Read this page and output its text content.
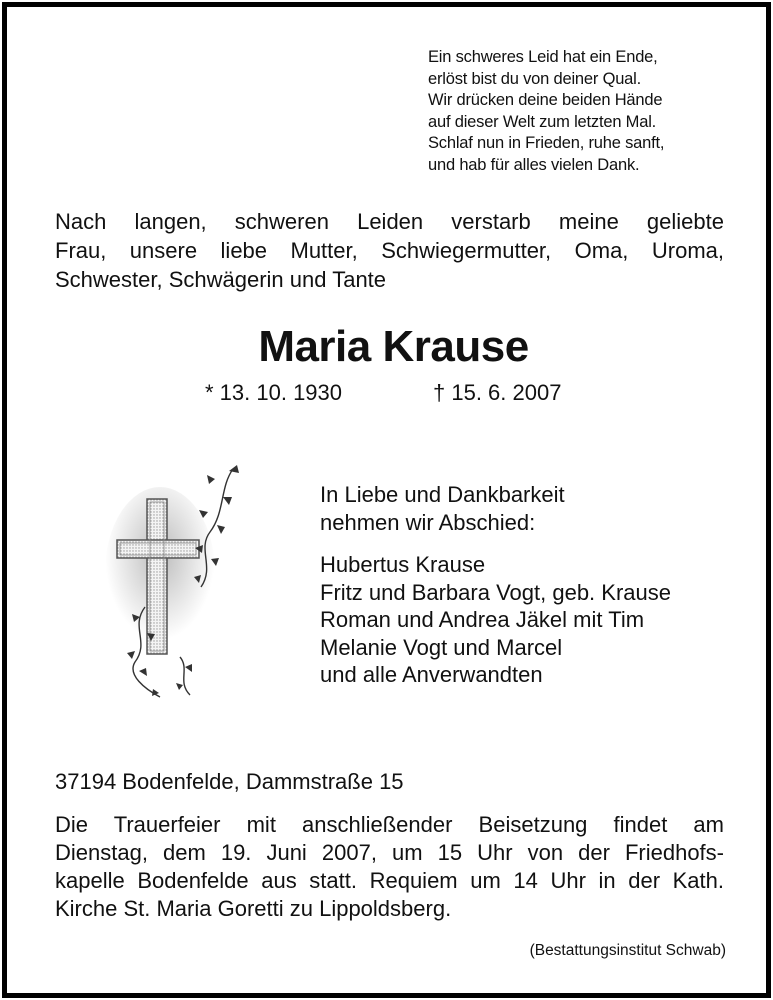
Ein schweres Leid hat ein Ende,
erlöst bist du von deiner Qual.
Wir drücken deine beiden Hände
auf dieser Welt zum letzten Mal.
Schlaf nun in Frieden, ruhe sanft,
und hab für alles vielen Dank.
Nach langen, schweren Leiden verstarb meine geliebte
Frau, unsere liebe Mutter, Schwiegermutter, Oma, Uroma,
Schwester, Schwägerin und Tante
Maria Krause
* 13. 10. 1930	† 15. 6. 2007
In Liebe und Dankbarkeit
nehmen wir Abschied:
Hubertus Krause
Fritz und Barbara Vogt, geb. Krause
Roman und Andrea Jäkel mit Tim
Melanie Vogt und Marcel
und alle Anverwandten
37194 Bodenfelde, Dammstraße 15
Die Trauerfeier mit anschließender Beisetzung findet am
Dienstag, dem 19. Juni 2007, um 15 Uhr von der Friedhofs-
kapelle Bodenfelde aus statt. Requiem um 14 Uhr in der Kath.
Kirche St. Maria Goretti zu Lippoldsberg.
(Bestattungsinstitut Schwab)
